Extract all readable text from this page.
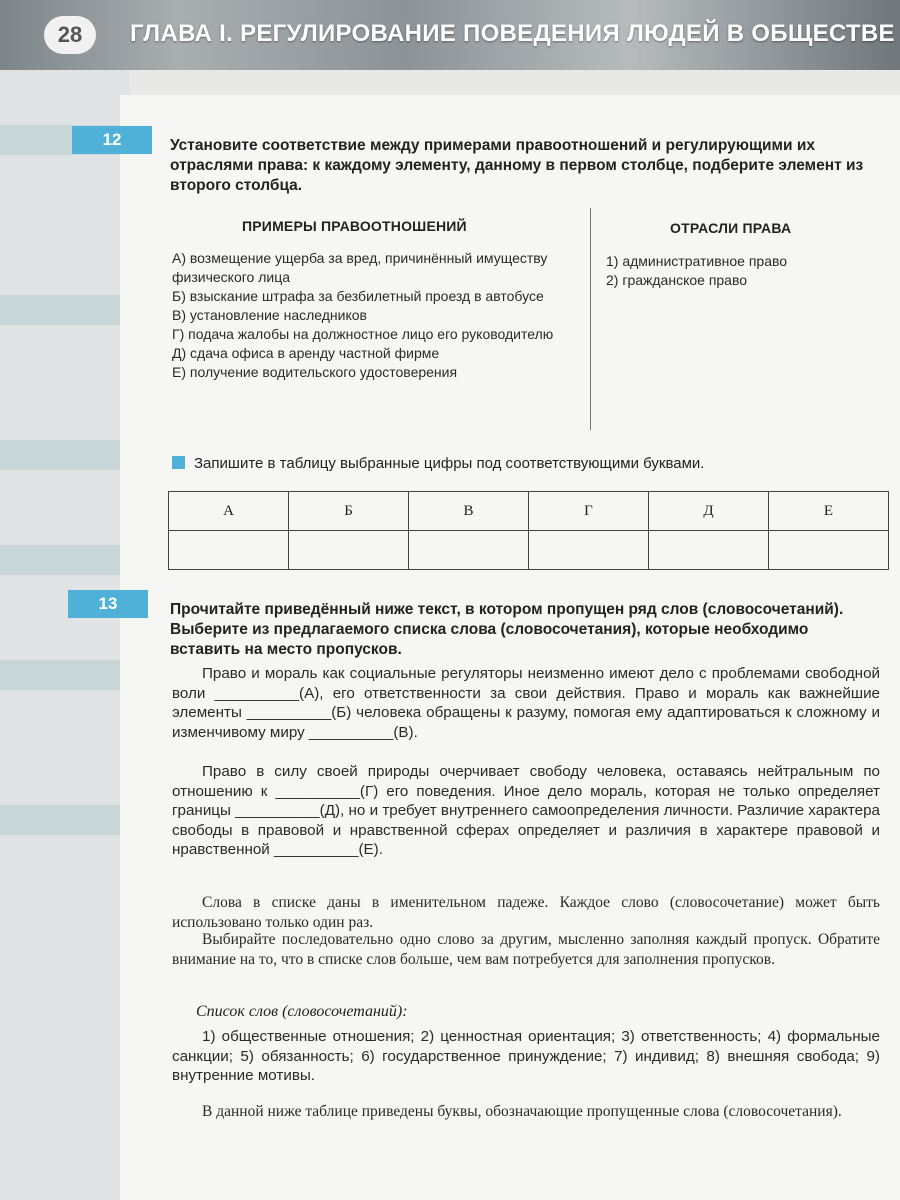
28	ГЛАВА I. РЕГУЛИРОВАНИЕ ПОВЕДЕНИЯ ЛЮДЕЙ В ОБЩЕСТВЕ
12	Установите соответствие между примерами правоотношений и регулирующими их отраслями права: к каждому элементу, данному в первом столбце, подберите элемент из второго столбца.
ПРИМЕРЫ ПРАВООТНОШЕНИЙ	ОТРАСЛИ ПРАВА
А) возмещение ущерба за вред, причинённый имуществу физического лица
Б) взыскание штрафа за безбилетный проезд в автобусе
В) установление наследников
Г) подача жалобы на должностное лицо его руководителю
Д) сдача офиса в аренду частной фирме
Е) получение водительского удостоверения
1) административное право
2) гражданское право
Запишите в таблицу выбранные цифры под соответствующими буквами.
А	Б	В	Г	Д	Е

13	Прочитайте приведённый ниже текст, в котором пропущен ряд слов (словосочетаний). Выберите из предлагаемого списка слова (словосочетания), которые необходимо вставить на место пропусков.

Право и мораль как социальные регуляторы неизменно имеют дело с проблемами свободной воли __________(А), его ответственности за свои действия. Право и мораль как важнейшие элементы __________(Б) человека обращены к разуму, помогая ему адаптироваться к сложному и изменчивому миру __________(В).

Право в силу своей природы очерчивает свободу человека, оставаясь нейтральным по отношению к __________(Г) его поведения. Иное дело мораль, которая не только определяет границы __________(Д), но и требует внутреннего самоопределения личности. Различие характера свободы в правовой и нравственной сферах определяет и различия в характере правовой и нравственной __________(Е).

Слова в списке даны в именительном падеже. Каждое слово (словосочетание) может быть использовано только один раз.

Выбирайте последовательно одно слово за другим, мысленно заполняя каждый пропуск. Обратите внимание на то, что в списке слов больше, чем вам потребуется для заполнения пропусков.

Список слов (словосочетаний):

1) общественные отношения; 2) ценностная ориентация; 3) ответственность; 4) формальные санкции; 5) обязанность; 6) государственное принуждение; 7) индивид; 8) внешняя свобода; 9) внутренние мотивы.

В данной ниже таблице приведены буквы, обозначающие пропущенные слова (словосочетания).
